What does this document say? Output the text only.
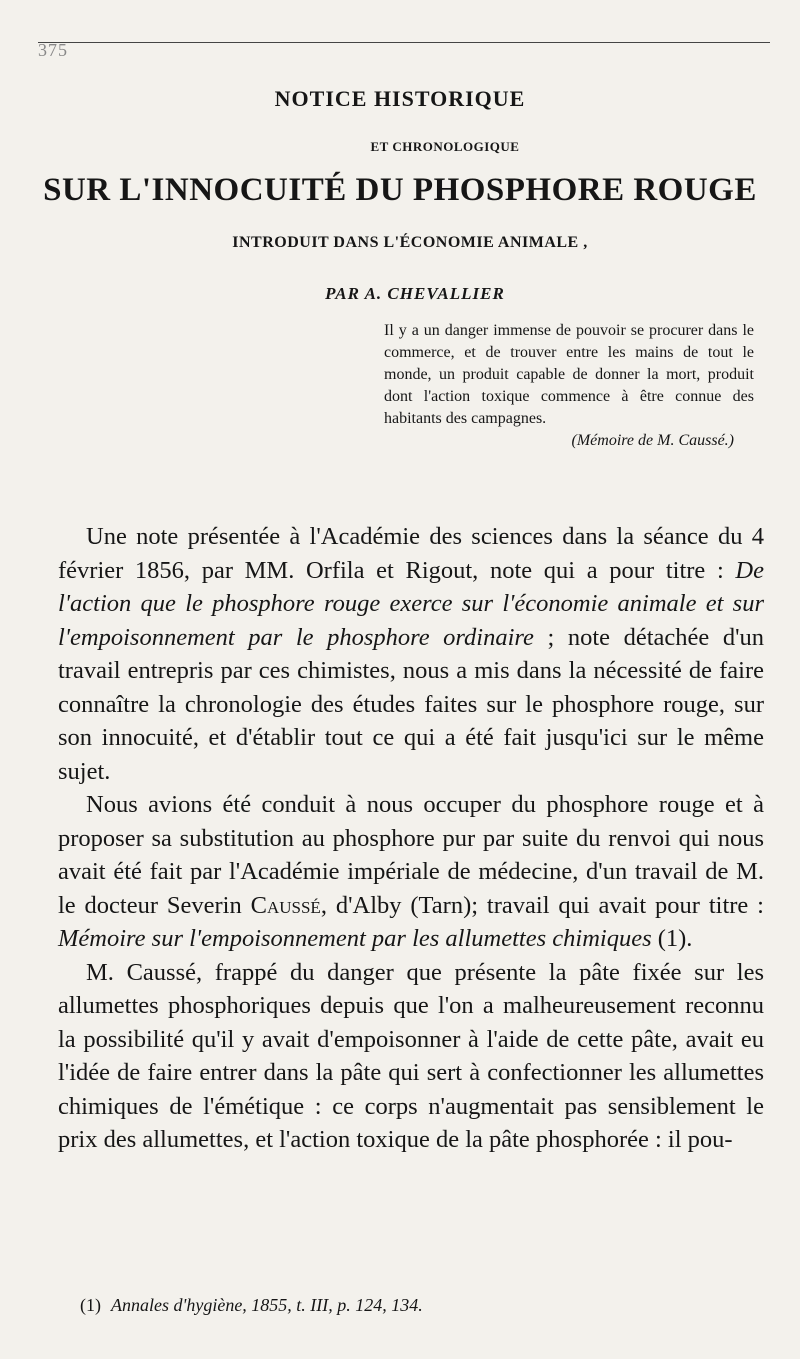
375
NOTICE HISTORIQUE
ET CHRONOLOGIQUE
SUR L'INNOCUITÉ DU PHOSPHORE ROUGE
INTRODUIT DANS L'ÉCONOMIE ANIMALE ,
PAR A. CHEVALLIER
Il y a un danger immense de pouvoir se procurer dans le commerce, et de trouver entre les mains de tout le monde, un produit capable de donner la mort, produit dont l'action toxique commence à être connue des habitants des campagnes.
(Mémoire de M. Caussé.)

Une note présentée à l'Académie des sciences dans la séance du 4 février 1856, par MM. Orfila et Rigout, note qui a pour titre : De l'action que le phosphore rouge exerce sur l'économie animale et sur l'empoisonnement par le phosphore ordinaire ; note détachée d'un travail entrepris par ces chimistes, nous a mis dans la nécessité de faire connaître la chronologie des études faites sur le phosphore rouge, sur son innocuité, et d'établir tout ce qui a été fait jusqu'ici sur le même sujet.

Nous avions été conduit à nous occuper du phosphore rouge et à proposer sa substitution au phosphore pur par suite du renvoi qui nous avait été fait par l'Académie impériale de médecine, d'un travail de M. le docteur Severin Caussé, d'Alby (Tarn); travail qui avait pour titre : Mémoire sur l'empoisonnement par les allumettes chimiques (1).

M. Caussé, frappé du danger que présente la pâte fixée sur les allumettes phosphoriques depuis que l'on a malheureusement reconnu la possibilité qu'il y avait d'empoisonner à l'aide de cette pâte, avait eu l'idée de faire entrer dans la pâte qui sert à confectionner les allumettes chimiques de l'émétique : ce corps n'augmentait pas sensiblement le prix des allumettes, et l'action toxique de la pâte phosphorée : il pou-

(1) Annales d'hygiène, 1855, t. III, p. 124, 134.
